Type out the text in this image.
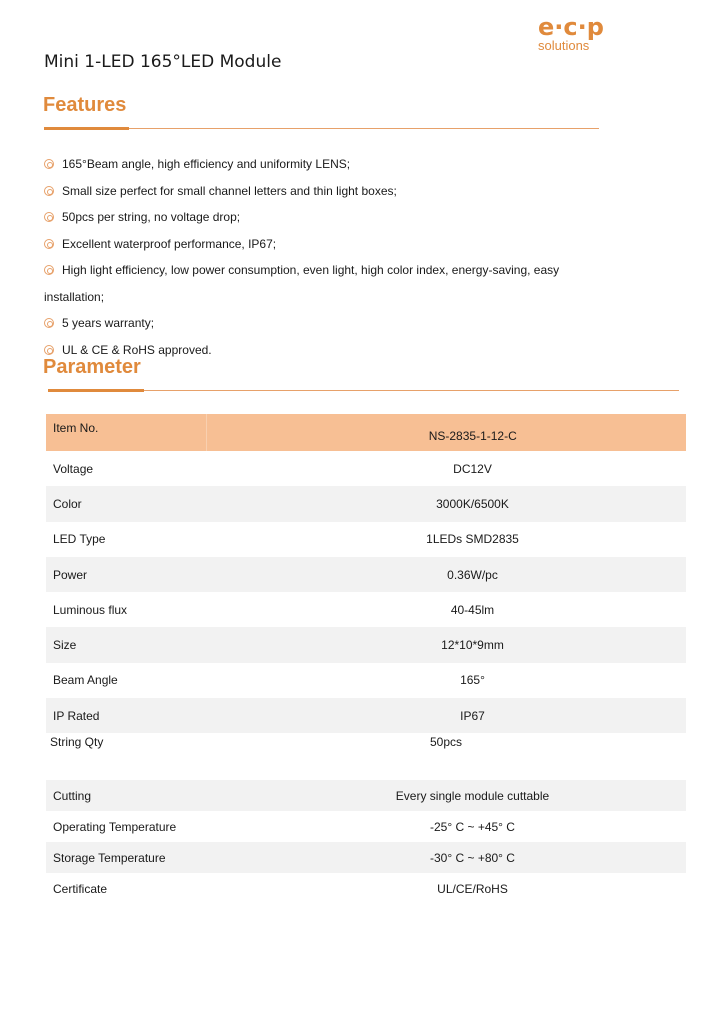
e·c·p
solutions
Mini 1-LED 165°LED Module
Features
165°Beam angle, high efficiency and uniformity LENS;
Small size perfect for small channel letters and thin light boxes;
50pcs per string, no voltage drop;
Excellent waterproof performance, IP67;
High light efficiency, low power consumption, even light, high color index, energy-saving, easy
installation;
5 years warranty;
UL & CE & RoHS approved.
Parameter
Item No.	NS-2835-1-12-C
Voltage	DC12V
Color	3000K/6500K
LED Type	1LEDs SMD2835
Power	0.36W/pc
Luminous flux	40-45lm
Size	12*10*9mm
Beam Angle	165°
IP Rated	IP67
String Qty	50pcs
Cutting	Every single module cuttable
Operating Temperature	-25° C ~ +45° C
Storage Temperature	-30° C ~ +80° C
Certificate	UL/CE/RoHS
